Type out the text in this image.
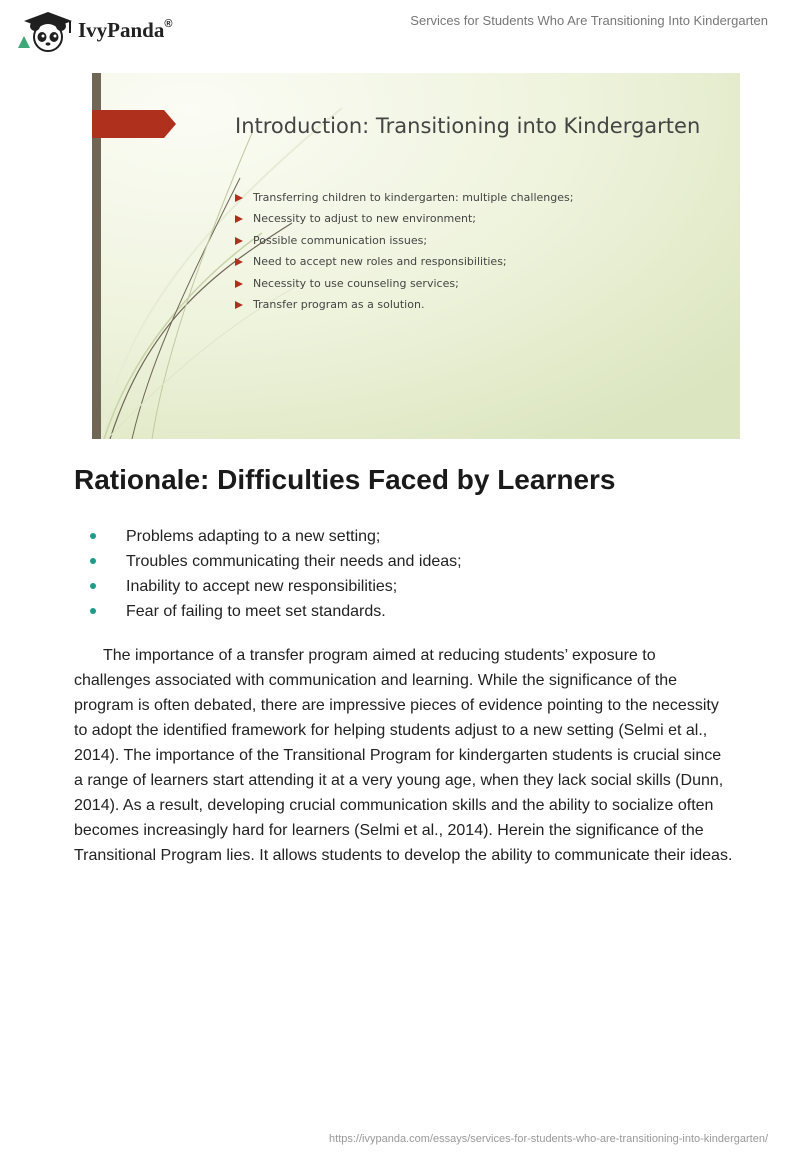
IvyPanda®	Services for Students Who Are Transitioning Into Kindergarten
Introduction: Transitioning into Kindergarten
Transferring children to kindergarten: multiple challenges;
Necessity to adjust to new environment;
Possible communication issues;
Need to accept new roles and responsibilities;
Necessity to use counseling services;
Transfer program as a solution.
Rationale: Difficulties Faced by Learners
Problems adapting to a new setting;
Troubles communicating their needs and ideas;
Inability to accept new responsibilities;
Fear of failing to meet set standards.

The importance of a transfer program aimed at reducing students’ exposure to challenges associated with communication and learning. While the significance of the program is often debated, there are impressive pieces of evidence pointing to the necessity to adopt the identified framework for helping students adjust to a new setting (Selmi et al., 2014). The importance of the Transitional Program for kindergarten students is crucial since a range of learners start attending it at a very young age, when they lack social skills (Dunn, 2014). As a result, developing crucial communication skills and the ability to socialize often becomes increasingly hard for learners (Selmi et al., 2014). Herein the significance of the Transitional Program lies. It allows students to develop the ability to communicate their ideas.

https://ivypanda.com/essays/services-for-students-who-are-transitioning-into-kindergarten/
